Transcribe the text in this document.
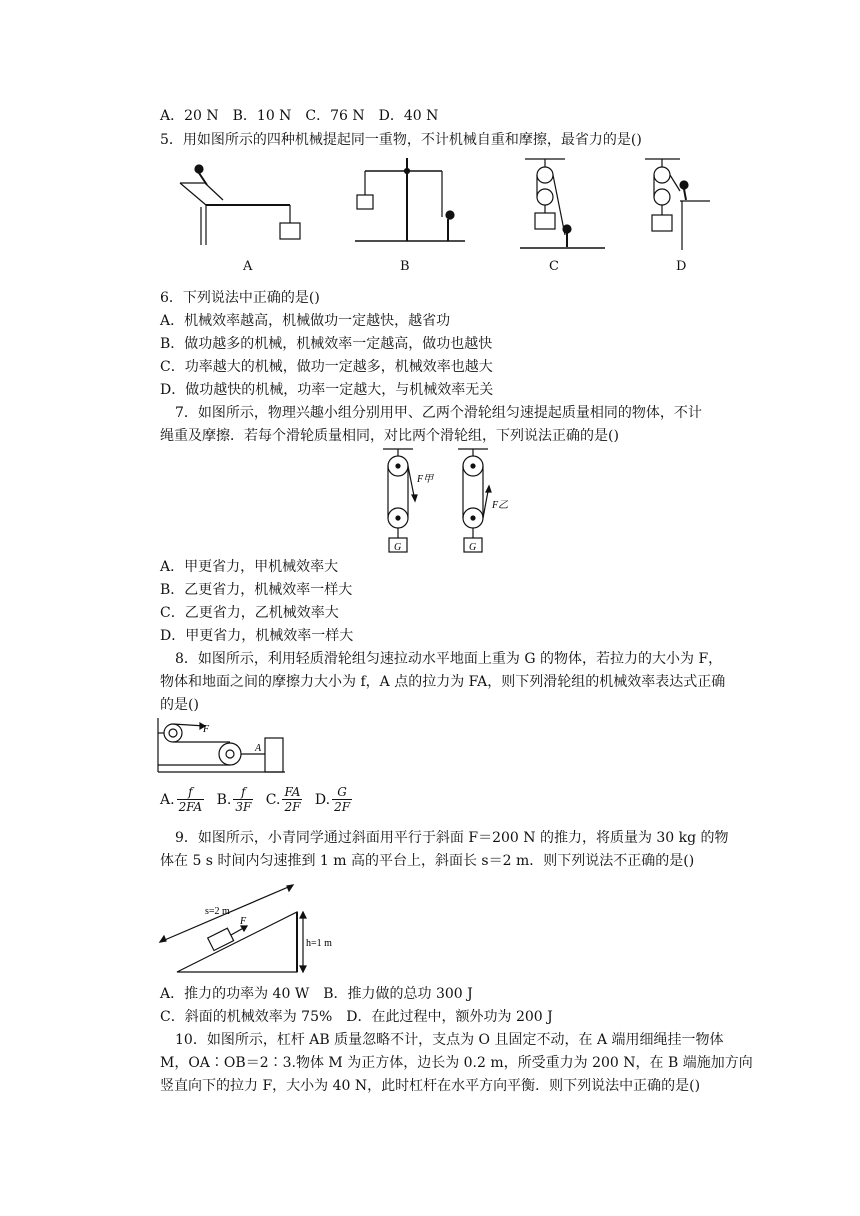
A．20 N　B．10 N　C．76 N　D．40 N
5．用如图所示的四种机械提起同一重物，不计机械自重和摩擦，最省力的是()
A	B	C	D
6．下列说法中正确的是()
A．机械效率越高，机械做功一定越快，越省功
B．做功越多的机械，机械效率一定越高，做功也越快
C．功率越大的机械，做功一定越多，机械效率也越大
D．做功越快的机械，功率一定越大，与机械效率无关
7．如图所示，物理兴趣小组分别用甲、乙两个滑轮组匀速提起质量相同的物体，不计
绳重及摩擦．若每个滑轮质量相同，对比两个滑轮组，下列说法正确的是()
F甲
F乙
G	G
A．甲更省力，甲机械效率大
B．乙更省力，机械效率一样大
C．乙更省力，乙机械效率大
D．甲更省力，机械效率一样大
8．如图所示，利用轻质滑轮组匀速拉动水平地面上重为 G 的物体，若拉力的大小为 F，
物体和地面之间的摩擦力大小为 f，A 点的拉力为 FA，则下列滑轮组的机械效率表达式正确
的是()
F
A
A. $\frac{f}{2FA} B$. $\frac{f}{3F} C$. $\frac{FA}{2F} D$. $\frac{G}{2F}$
9．如图所示，小青同学通过斜面用平行于斜面 F＝200 N 的推力，将质量为 30 kg 的物
体在 5 s 时间内匀速推到 1 m 高的平台上，斜面长 s＝2 m．则下列说法不正确的是()
s=2 m
F
h=1 m
A．推力的功率为 40 W　B．推力做的总功 300 J
C．斜面的机械效率为 75%　D．在此过程中，额外功为 200 J
10．如图所示，杠杆 AB 质量忽略不计，支点为 O 且固定不动，在 A 端用细绳挂一物体
M，OA∶OB＝2∶3.物体 M 为正方体，边长为 0.2 m，所受重力为 200 N，在 B 端施加方向
竖直向下的拉力 F，大小为 40 N，此时杠杆在水平方向平衡．则下列说法中正确的是()
